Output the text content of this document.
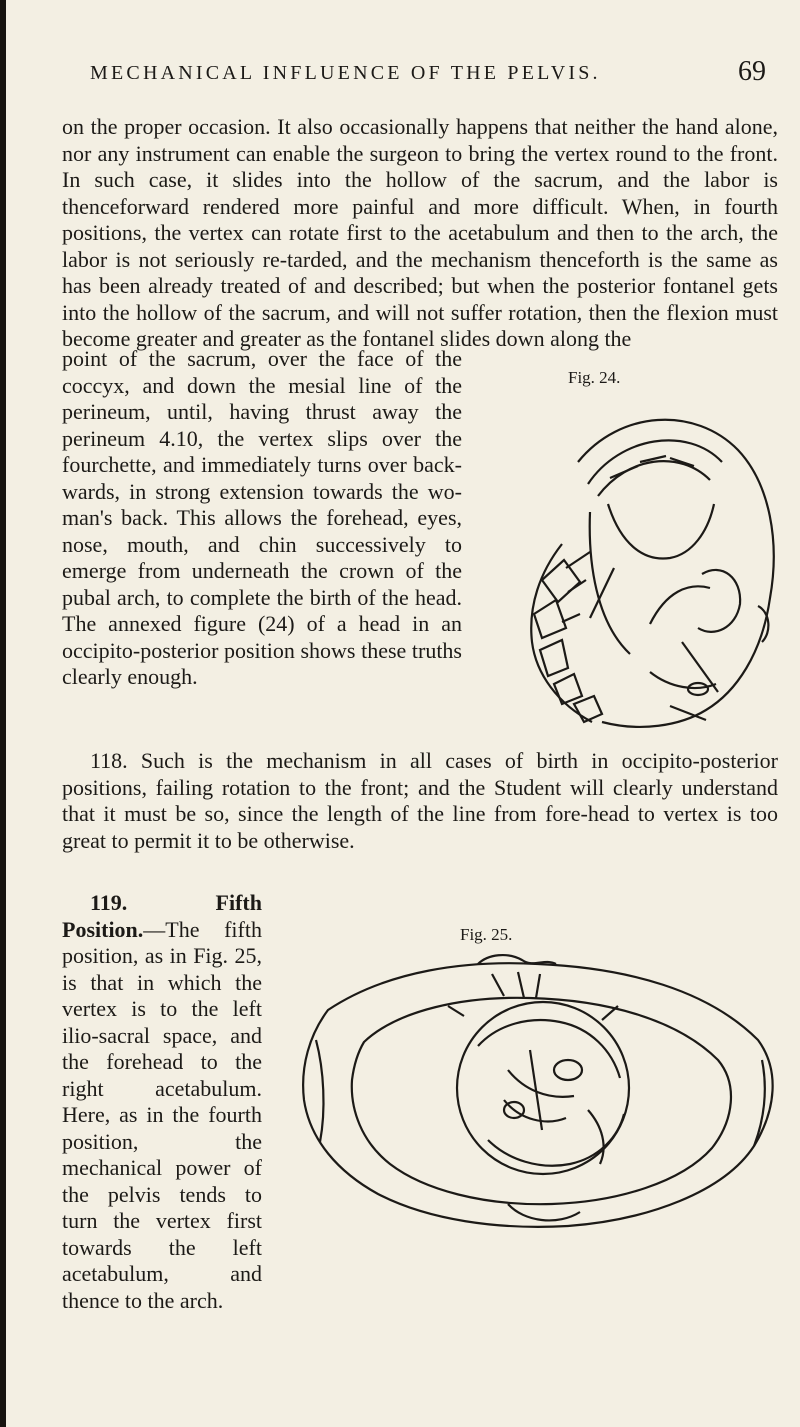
MECHANICAL INFLUENCE OF THE PELVIS.	69

on the proper occasion. It also occasionally happens that neither the hand alone, nor any instrument can enable the surgeon to bring the vertex round to the front. In such case, it slides into the hollow of the sacrum, and the labor is thenceforward rendered more painful and more difficult. When, in fourth positions, the vertex can rotate first to the acetabulum and then to the arch, the labor is not seriously re-tarded, and the mechanism thenceforth is the same as has been already treated of and described; but when the posterior fontanel gets into the hollow of the sacrum, and will not suffer rotation, then the flexion must become greater and greater as the fontanel slides down along the

point of the sacrum, over the face of the coccyx, and down the mesial line of the perineum, until, having thrust away the perineum 4.10, the vertex slips over the fourchette, and immediately turns over back-wards, in strong extension towards the wo-man's back. This allows the forehead, eyes, nose, mouth, and chin successively to emerge from underneath the crown of the pubal arch, to complete the birth of the head. The annexed figure (24) of a head in an occipito-posterior position shows these truths clearly enough.

Fig. 24.

118. Such is the mechanism in all cases of birth in occipito-posterior positions, failing rotation to the front; and the Student will clearly understand that it must be so, since the length of the line from fore-head to vertex is too great to permit it to be otherwise.

119. Fifth Position.—The fifth position, as in Fig. 25, is that in which the vertex is to the left ilio-sacral space, and the forehead to the right acetabulum. Here, as in the fourth position, the mechanical power of the pelvis tends to turn the vertex first towards the left acetabulum, and thence to the arch.

Fig. 25.
